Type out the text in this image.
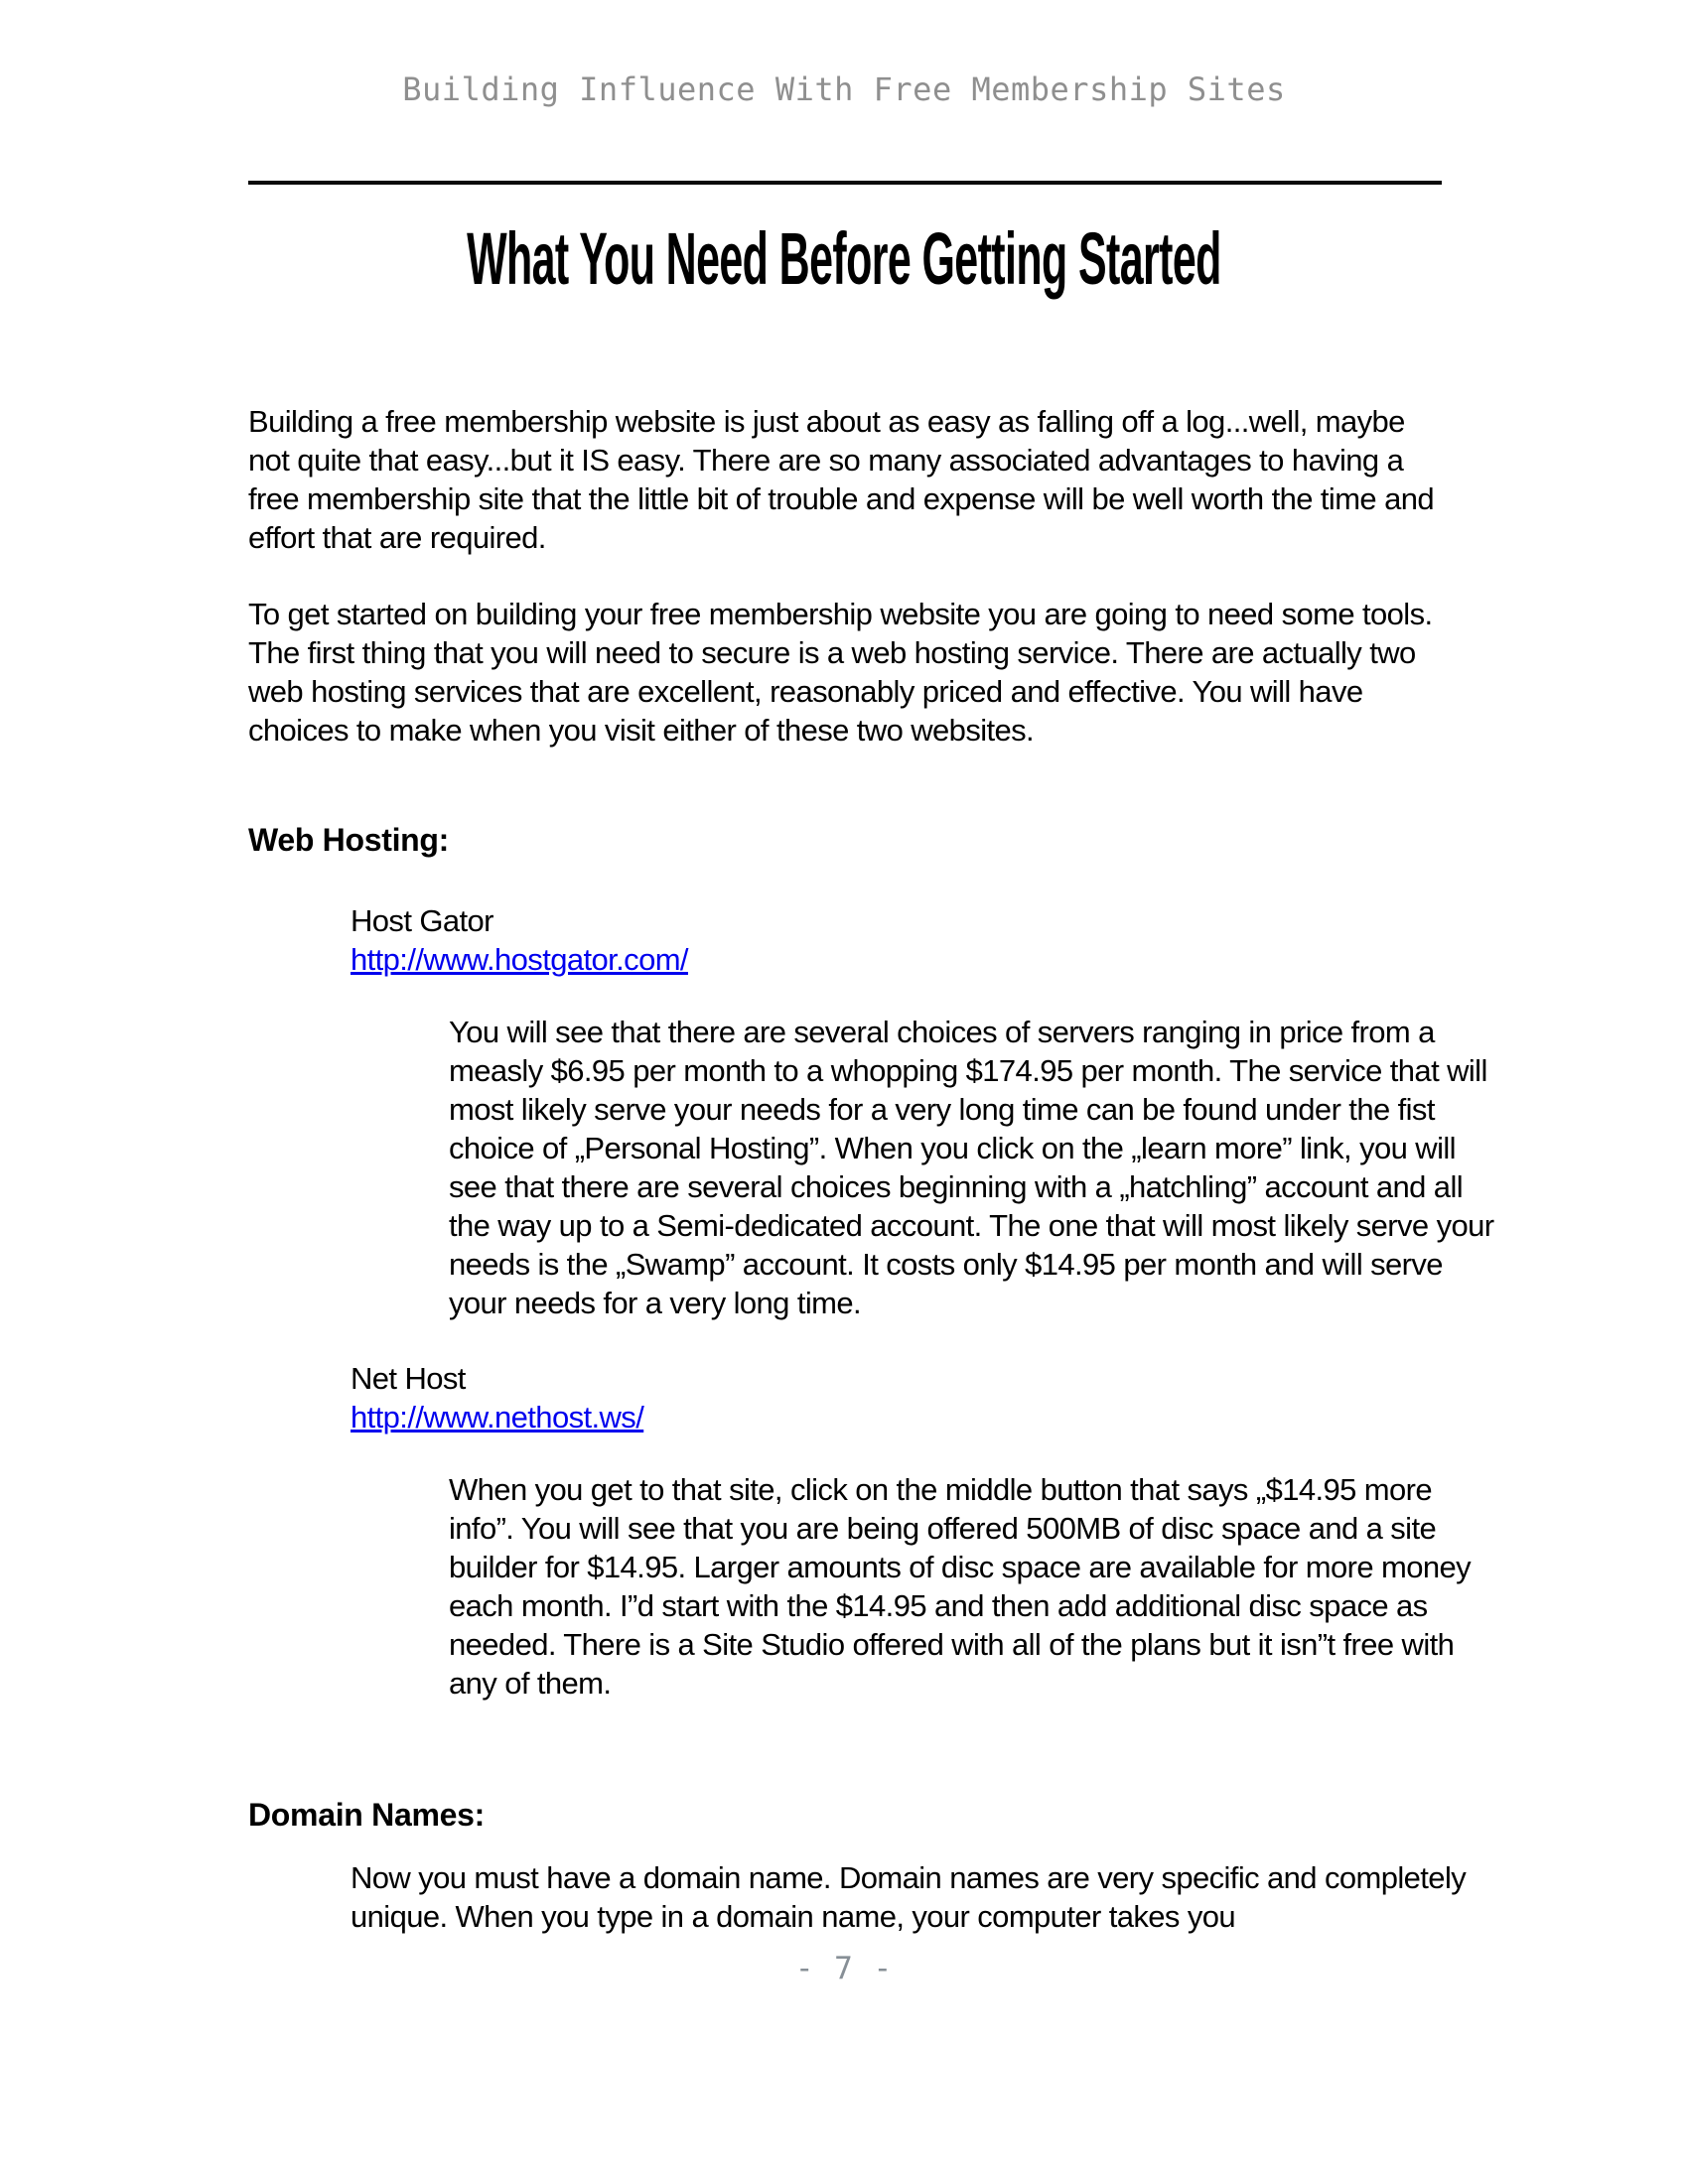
Building Influence With Free Membership Sites
What You Need Before Getting Started

Building a free membership website is just about as easy as falling off a log...well, maybe not quite that easy...but it IS easy. There are so many associated advantages to having a free membership site that the little bit of trouble and expense will be well worth the time and effort that are required.

To get started on building your free membership website you are going to need some tools. The first thing that you will need to secure is a web hosting service. There are actually two web hosting services that are excellent, reasonably priced and effective. You will have choices to make when you visit either of these two websites.

Web Hosting:
Host Gator
http://www.hostgator.com/

You will see that there are several choices of servers ranging in price from a measly $6.95 per month to a whopping $174.95 per month. The service that will most likely serve your needs for a very long time can be found under the fist choice of „Personal Hosting”. When you click on the „learn more” link, you will see that there are several choices beginning with a „hatchling” account and all the way up to a Semi-dedicated account. The one that will most likely serve your needs is the „Swamp” account. It costs only $14.95 per month and will serve your needs for a very long time.

Net Host
http://www.nethost.ws/

When you get to that site, click on the middle button that says „$14.95 more info”. You will see that you are being offered 500MB of disc space and a site builder for $14.95. Larger amounts of disc space are available for more money each month. I”d start with the $14.95 and then add additional disc space as needed. There is a Site Studio offered with all of the plans but it isn”t free with any of them.

Domain Names:

Now you must have a domain name. Domain names are very specific and completely unique. When you type in a domain name, your computer takes you

- 7 -
